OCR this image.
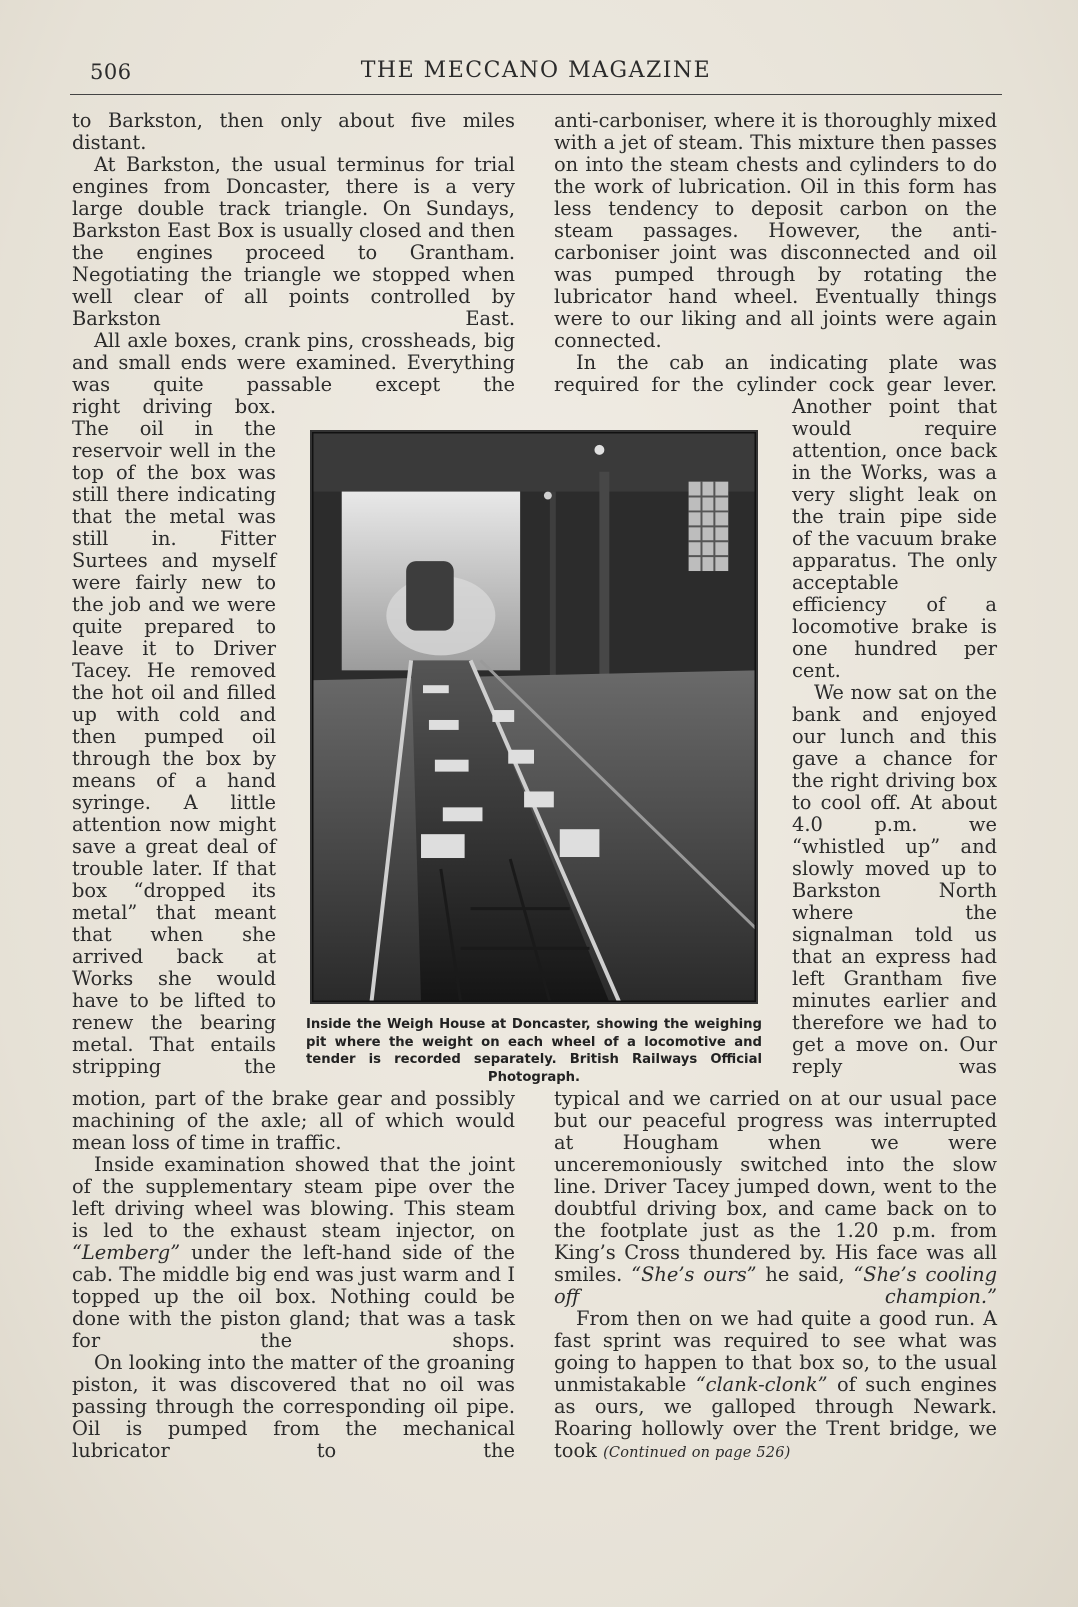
506	THE MECCANO MAGAZINE

to Barkston, then only about five miles distant.

At Barkston, the usual terminus for trial engines from Doncaster, there is a very large double track triangle. On Sundays, Barkston East Box is usually closed and then the engines proceed to Grantham. Negotiating the triangle we stopped when well clear of all points controlled by Barkston East.

All axle boxes, crank pins, crossheads, big and small ends were examined. Everything was quite passable except the

right driving box. The oil in the reservoir well in the top of the box was still there indicating that the metal was still in. Fitter Surtees and myself were fairly new to the job and we were quite prepared to leave it to Driver Tacey. He removed the hot oil and filled up with cold and then pumped oil through the box by means of a hand syringe. A little attention now might save a great deal of trouble later. If that box “dropped its metal” that meant that when she arrived back at Works she would have to be lifted to renew the bearing metal. That entails stripping the

motion, part of the brake gear and possibly machining of the axle; all of which would mean loss of time in traffic.

Inside examination showed that the joint of the supplementary steam pipe over the left driving wheel was blowing. This steam is led to the exhaust steam injector, on “Lemberg” under the left-hand side of the cab. The middle big end was just warm and I topped up the oil box. Nothing could be done with the piston gland; that was a task for the shops.

On looking into the matter of the groaning piston, it was discovered that no oil was passing through the corresponding oil pipe. Oil is pumped from the mechanical lubricator to the

anti-carboniser, where it is thoroughly mixed with a jet of steam. This mixture then passes on into the steam chests and cylinders to do the work of lubrication. Oil in this form has less tendency to deposit carbon on the steam passages. However, the anti-carboniser joint was disconnected and oil was pumped through by rotating the lubricator hand wheel. Eventually things were to our liking and all joints were again connected.

In the cab an indicating plate was required for the cylinder cock gear lever.

Another point that would require attention, once back in the Works, was a very slight leak on the train pipe side of the vacuum brake apparatus. The only acceptable efficiency of a locomotive brake is one hundred per cent.

We now sat on the bank and enjoyed our lunch and this gave a chance for the right driving box to cool off. At about 4.0 p.m. we “whistled up” and slowly moved up to Barkston North where the signalman told us that an express had left Grantham five minutes earlier and therefore we had to get a move on. Our reply was

typical and we carried on at our usual pace but our peaceful progress was interrupted at Hougham when we were unceremoniously switched into the slow line. Driver Tacey jumped down, went to the doubtful driving box, and came back on to the footplate just as the 1.20 p.m. from King’s Cross thundered by. His face was all smiles. “She’s ours” he said, “She’s cooling off champion.”

From then on we had quite a good run. A fast sprint was required to see what was going to happen to that box so, to the usual unmistakable “clank-clonk” of such engines as ours, we galloped through Newark. Roaring hollowly over the Trent bridge, we took (Continued on page 526)

Inside the Weigh House at Doncaster, showing the weighing pit where the weight on each wheel of a locomotive and tender is recorded separately. British Railways Official Photograph.
